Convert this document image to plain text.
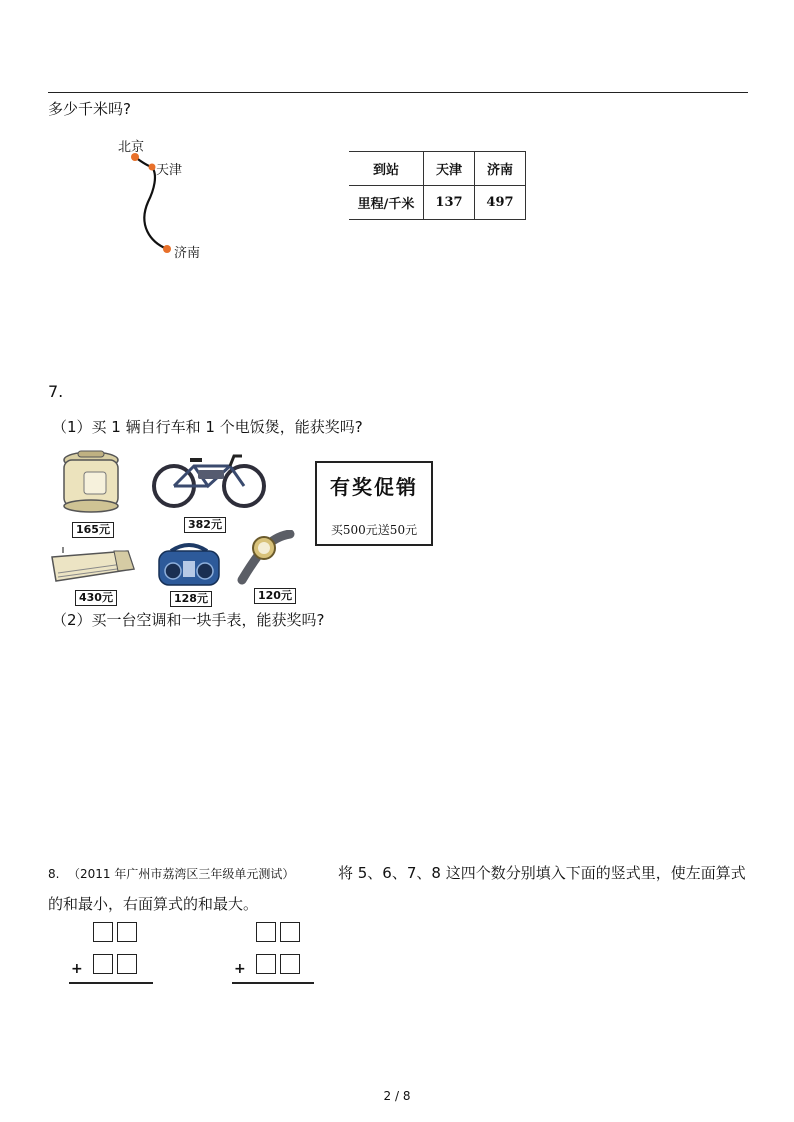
多少千米吗?
北京
天津
济南
到站	天津	济南
里程/千米	137	497
7.
（1）买 1 辆自行车和 1 个电饭煲，能获奖吗?
165元	382元
有奖促销
买500元送50元
430元	128元	120元
（2）买一台空调和一块手表，能获奖吗?
8. （2011 年广州市荔湾区三年级单元测试）	将 5、6、7、8 这四个数分别填入下面的竖式里，使左面算式
的和最小，右面算式的和最大。
+	+
2 / 8
